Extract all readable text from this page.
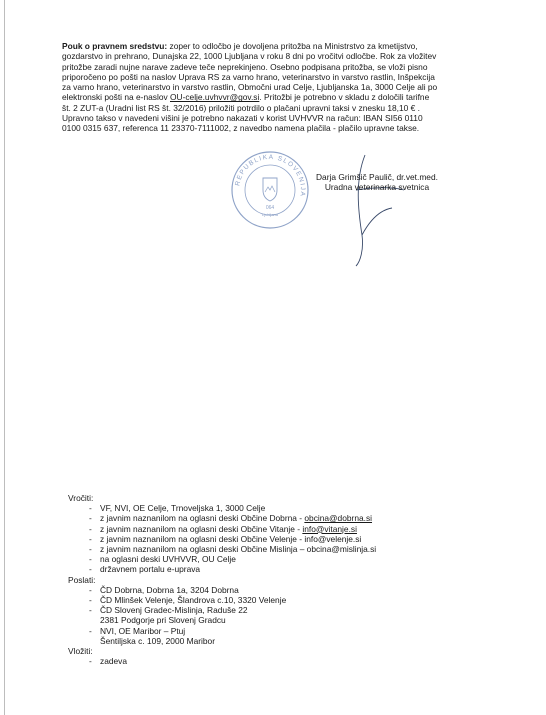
Pouk o pravnem sredstvu: zoper to odločbo je dovoljena pritožba na Ministrstvo za kmetijstvo,
gozdarstvo in prehrano, Dunajska 22, 1000 Ljubljana v roku 8 dni po vročitvi odločbe. Rok za vložitev
pritožbe zaradi nujne narave zadeve teče neprekinjeno. Osebno podpisana pritožba, se vloži pisno
priporočeno po pošti na naslov Uprava RS za varno hrano, veterinarstvo in varstvo rastlin, Inšpekcija
za varno hrano, veterinarstvo in varstvo rastlin, Območni urad Celje, Ljubljanska 1a, 3000 Celje ali po
elektronski pošti na e-naslov OU-celje.uvhvvr@gov.si. Pritožbi je potrebno v skladu z določili tarifne
št. 2 ZUT-a (Uradni list RS št. 32/2016) priložiti potrdilo o plačani upravni taksi v znesku 18,10 € .
Upravno takso v navedeni višini je potrebno nakazati v korist UVHVVR na račun: IBAN SI56 0110
0100 0315 637, referenca 11 23370-7111002, z navedbo namena plačila - plačilo upravne takse.
REPUBLIKA SLOVENIJA
064
Ljubljana
Darja Grimšič Paulič, dr.vet.med.
Uradna veterinarka svetnica
Vročiti:
- VF, NVI, OE Celje, Trnoveljska 1, 3000 Celje
- z javnim naznanilom na oglasni deski Občine Dobrna - obcina@dobrna.si
- z javnim naznanilom na oglasni deski Občine Vitanje - info@vitanje.si
- z javnim naznanilom na oglasni deski Občine Velenje - info@velenje.si
- z javnim naznanilom na oglasni deski Občine Mislinja – obcina@mislinja.si
- na oglasni deski UVHVVR, OU Celje
- državnem portalu e-uprava
Poslati:
- ČD Dobrna, Dobrna 1a, 3204 Dobrna
- ČD Mlinšek Velenje, Šlandrova c.10, 3320 Velenje
- ČD Slovenj Gradec-Mislinja, Raduše 22
2381 Podgorje pri Slovenj Gradcu
- NVI, OE Maribor – Ptuj
Šentiljska c. 109, 2000 Maribor
Vložiti:
- zadeva
